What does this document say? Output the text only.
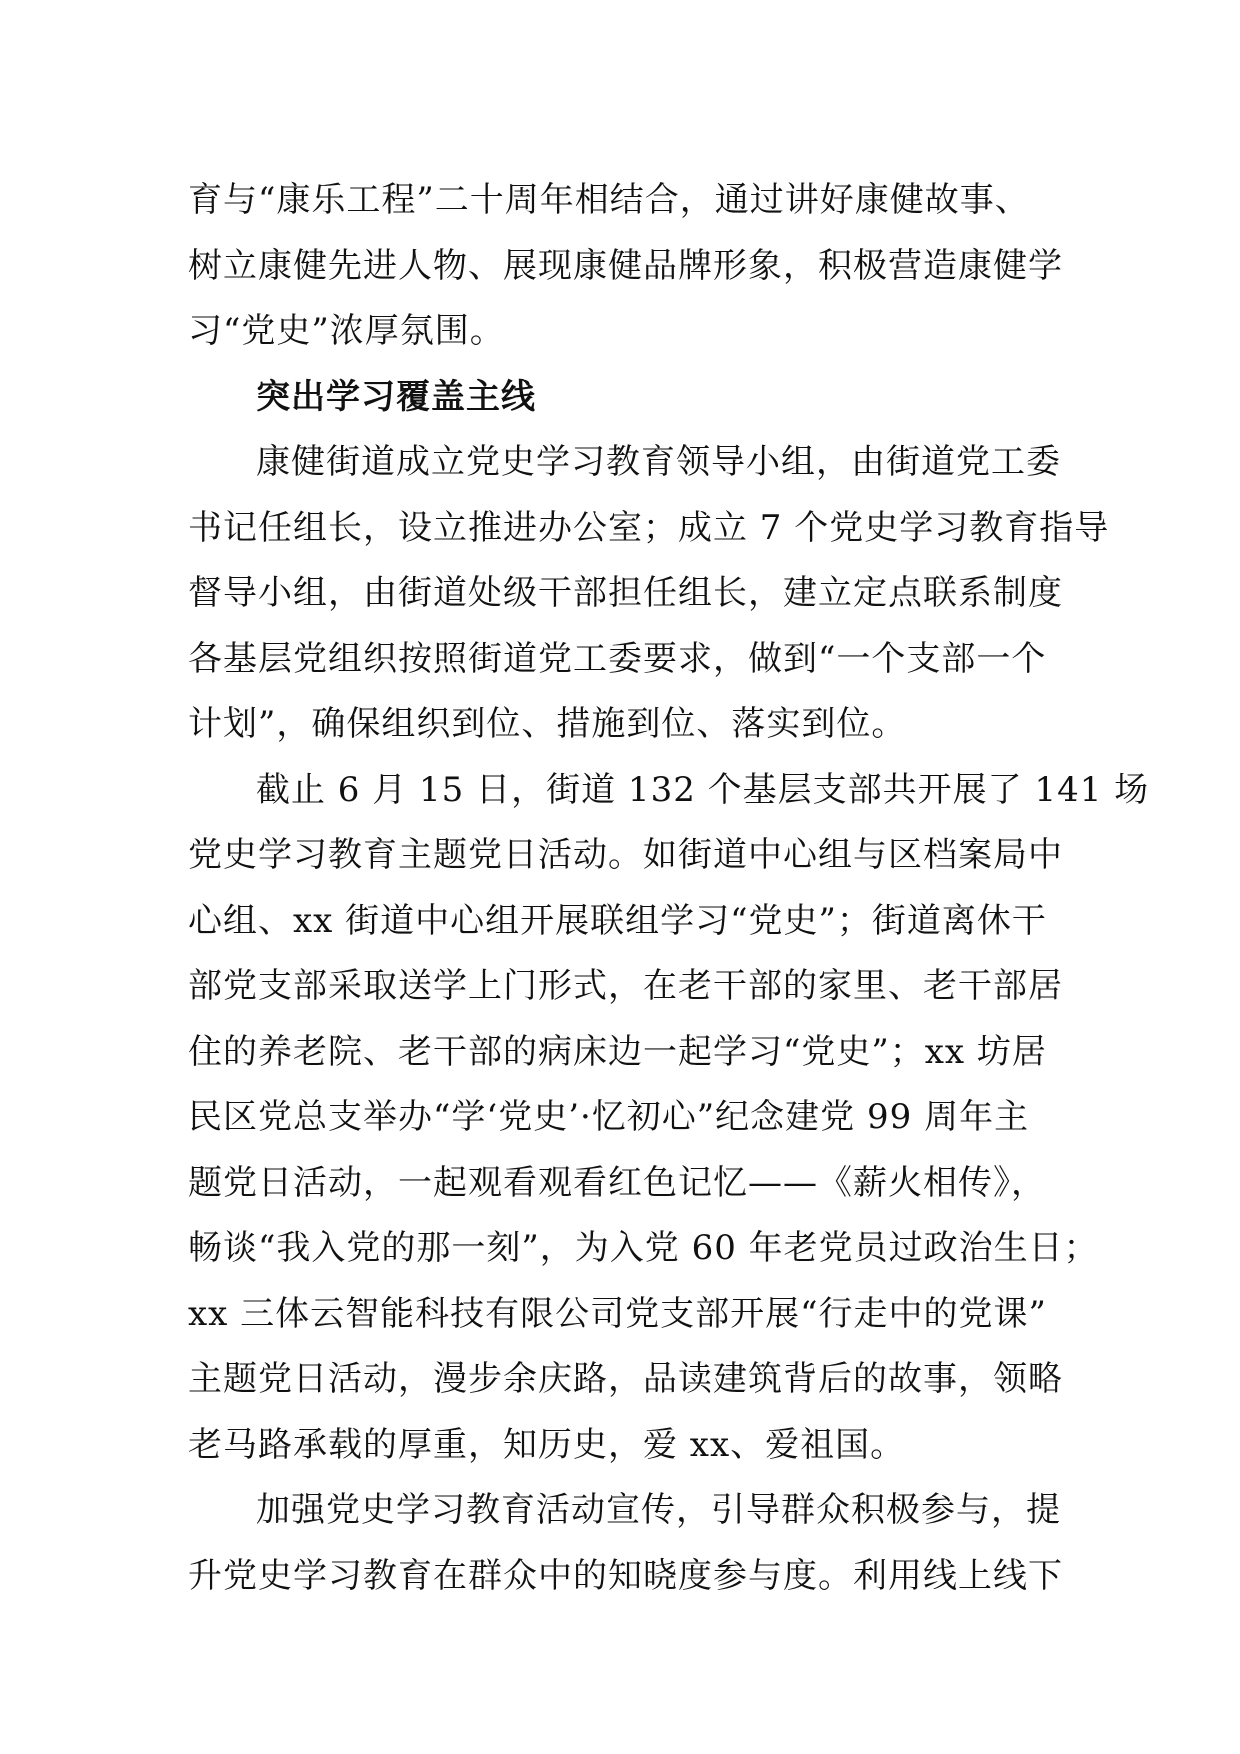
育与“康乐工程”二十周年相结合，通过讲好康健故事、
树立康健先进人物、展现康健品牌形象，积极营造康健学
习“党史”浓厚氛围。
突出学习覆盖主线
康健街道成立党史学习教育领导小组，由街道党工委
书记任组长，设立推进办公室；成立 7 个党史学习教育指导
督导小组，由街道处级干部担任组长，建立定点联系制度
各基层党组织按照街道党工委要求，做到“一个支部一个
计划”，确保组织到位、措施到位、落实到位。
截止 6 月 15 日，街道 132 个基层支部共开展了 141 场
党史学习教育主题党日活动。如街道中心组与区档案局中
心组、xx 街道中心组开展联组学习“党史”；街道离休干
部党支部采取送学上门形式，在老干部的家里、老干部居
住的养老院、老干部的病床边一起学习“党史”；xx 坊居
民区党总支举办“学‘党史’·忆初心”纪念建党 99 周年主
题党日活动，一起观看观看红色记忆——《薪火相传》，
畅谈“我入党的那一刻”，为入党 60 年老党员过政治生日；
xx 三体云智能科技有限公司党支部开展“行走中的党课”
主题党日活动，漫步余庆路，品读建筑背后的故事，领略
老马路承载的厚重，知历史，爱 xx、爱祖国。
加强党史学习教育活动宣传，引导群众积极参与，提
升党史学习教育在群众中的知晓度参与度。利用线上线下
